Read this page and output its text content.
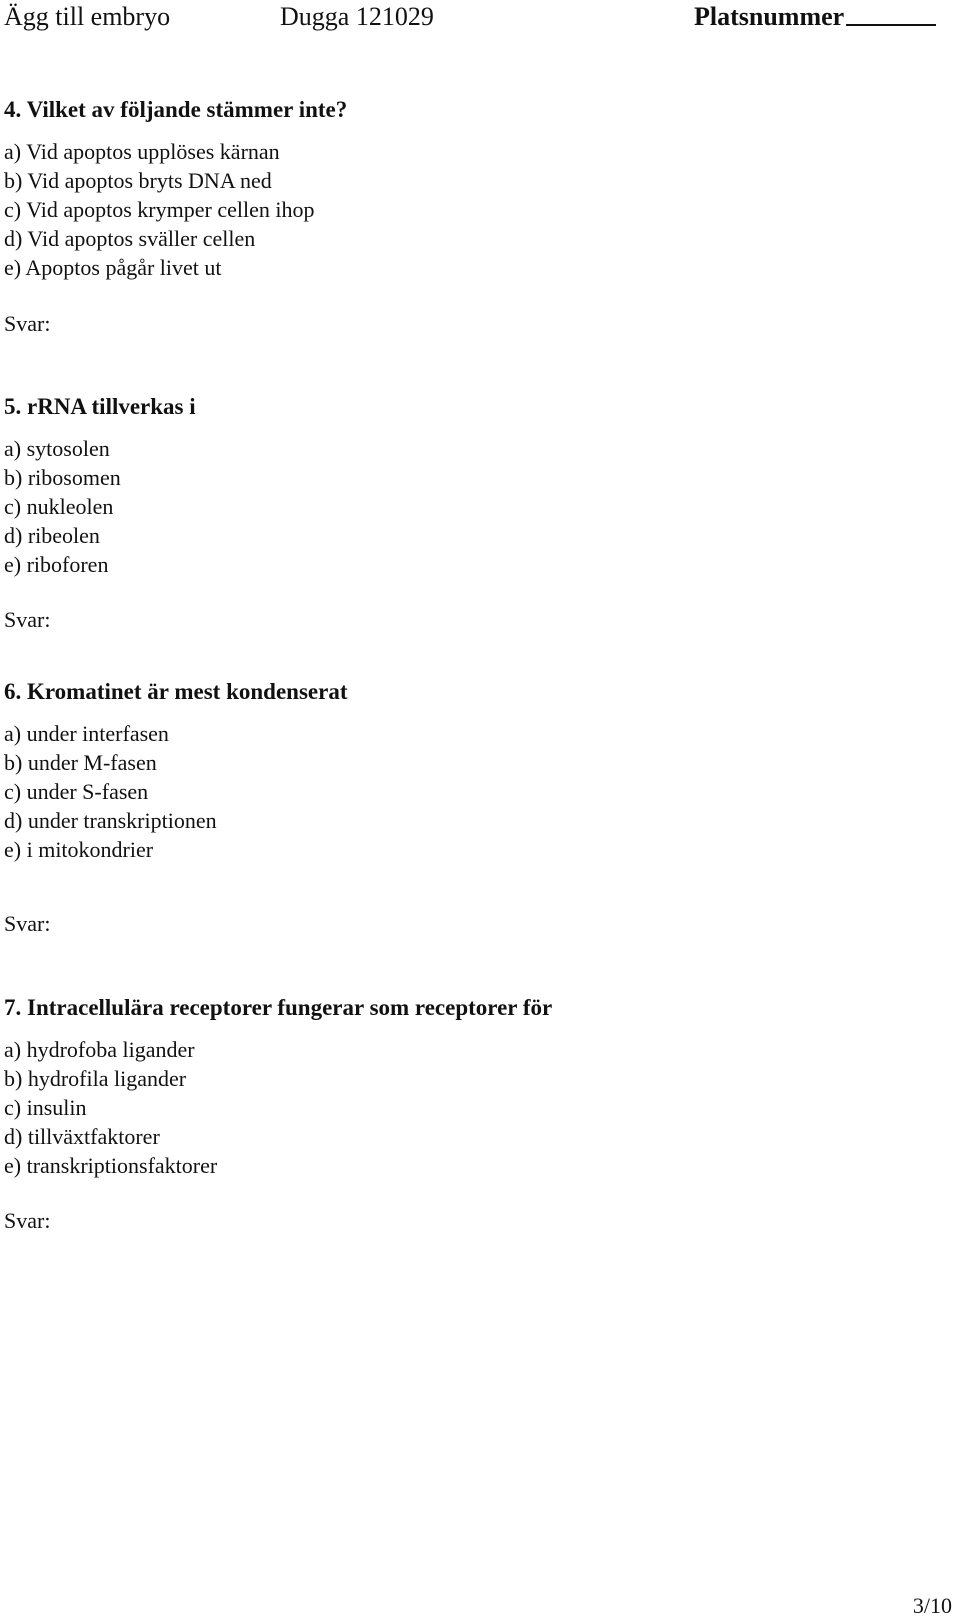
Ägg till embryo	Dugga 121029	Platsnummer
4. Vilket av följande stämmer inte?
a) Vid apoptos upplöses kärnan
b) Vid apoptos bryts DNA ned
c) Vid apoptos krymper cellen ihop
d) Vid apoptos sväller cellen
e) Apoptos pågår livet ut
Svar:
5. rRNA tillverkas i
a) sytosolen
b) ribosomen
c) nukleolen
d) ribeolen
e) riboforen
Svar:
6. Kromatinet är mest kondenserat
a) under interfasen
b) under M-fasen
c) under S-fasen
d) under transkriptionen
e) i mitokondrier
Svar:
7. Intracellulära receptorer fungerar som receptorer för
a) hydrofoba ligander
b) hydrofila ligander
c) insulin
d) tillväxtfaktorer
e) transkriptionsfaktorer
Svar:
3/10
